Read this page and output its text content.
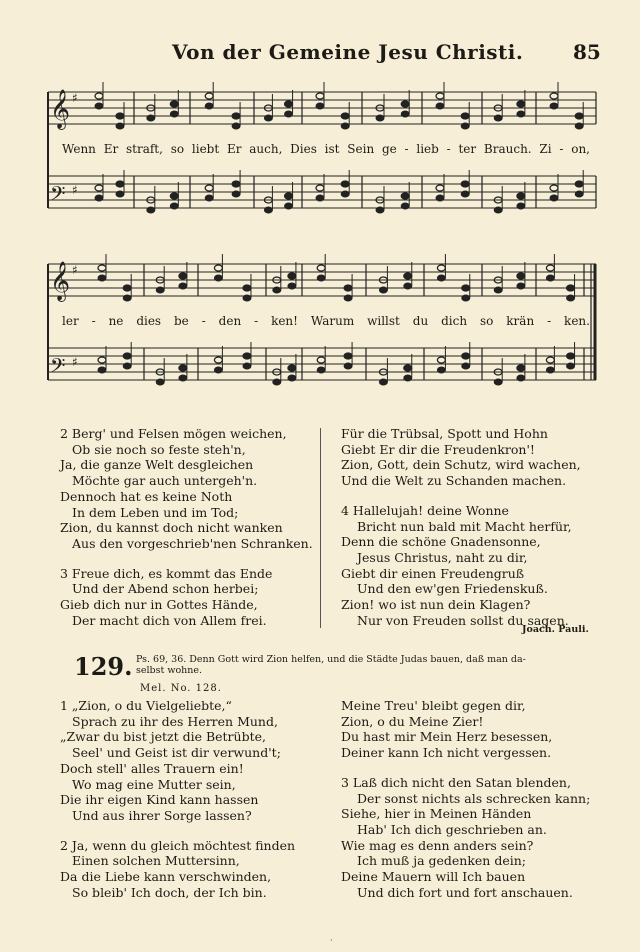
Von der Gemeine Jesu Christi. 85
𝄞 ♯
𝄢 ♯
Wenn Er straft, so liebt Er auch, Dies ist Sein ge - lieb - ter Brauch. Zi - on,
𝄞 ♯
𝄢 ♯
ler - ne dies be - den - ken! Warum willst du dich so krän - ken.
2 Berg' und Felsen mögen weichen,
Ob sie noch so feste steh'n,
Ja, die ganze Welt desgleichen
Möchte gar auch untergeh'n.
Dennoch hat es keine Noth
In dem Leben und im Tod;
Zion, du kannst doch nicht wanken
Aus den vorgeschrieb'nen Schranken.
3 Freue dich, es kommt das Ende
Und der Abend schon herbei;
Gieb dich nur in Gottes Hände,
Der macht dich von Allem frei.
Für die Trübsal, Spott und Hohn
Giebt Er dir die Freudenkron'!
Zion, Gott, dein Schutz, wird wachen,
Und die Welt zu Schanden machen.
4 Hallelujah! deine Wonne
Bricht nun bald mit Macht herfür,
Denn die schöne Gnadensonne,
Jesus Christus, naht zu dir,
Giebt dir einen Freudengruß
Und den ew'gen Friedenskuß.
Zion! wo ist nun dein Klagen?
Nur von Freuden sollst du sagen.
Joach. Pauli.
129. Ps. 69, 36. Denn Gott wird Zion helfen, und die Städte Judas bauen, daß man da-
selbst wohne.
Mel. No. 128.
1 „Zion, o du Vielgeliebte,“
Sprach zu ihr des Herren Mund,
„Zwar du bist jetzt die Betrübte,
Seel' und Geist ist dir verwund't;
Doch stell' alles Trauern ein!
Wo mag eine Mutter sein,
Die ihr eigen Kind kann hassen
Und aus ihrer Sorge lassen?
2 Ja, wenn du gleich möchtest finden
Einen solchen Muttersinn,
Da die Liebe kann verschwinden,
So bleib' Ich doch, der Ich bin.
Meine Treu' bleibt gegen dir,
Zion, o du Meine Zier!
Du hast mir Mein Herz besessen,
Deiner kann Ich nicht vergessen.
3 Laß dich nicht den Satan blenden,
Der sonst nichts als schrecken kann;
Siehe, hier in Meinen Händen
Hab' Ich dich geschrieben an.
Wie mag es denn anders sein?
Ich muß ja gedenken dein;
Deine Mauern will Ich bauen
Und dich fort und fort anschauen.
·
